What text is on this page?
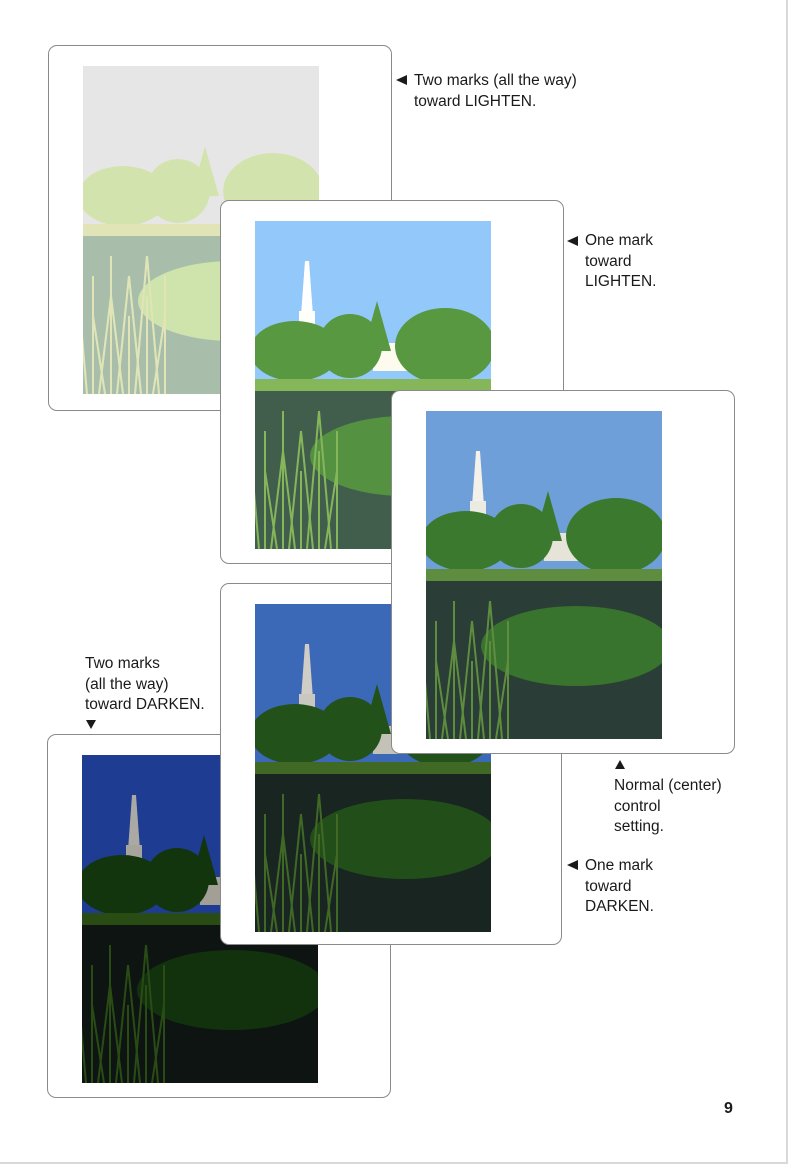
Two marks (all the way)
toward LIGHTEN.
One mark
toward
LIGHTEN.
Normal (center)
control
setting.
One mark
toward
DARKEN.
Two marks
(all the way)
toward DARKEN.
9
